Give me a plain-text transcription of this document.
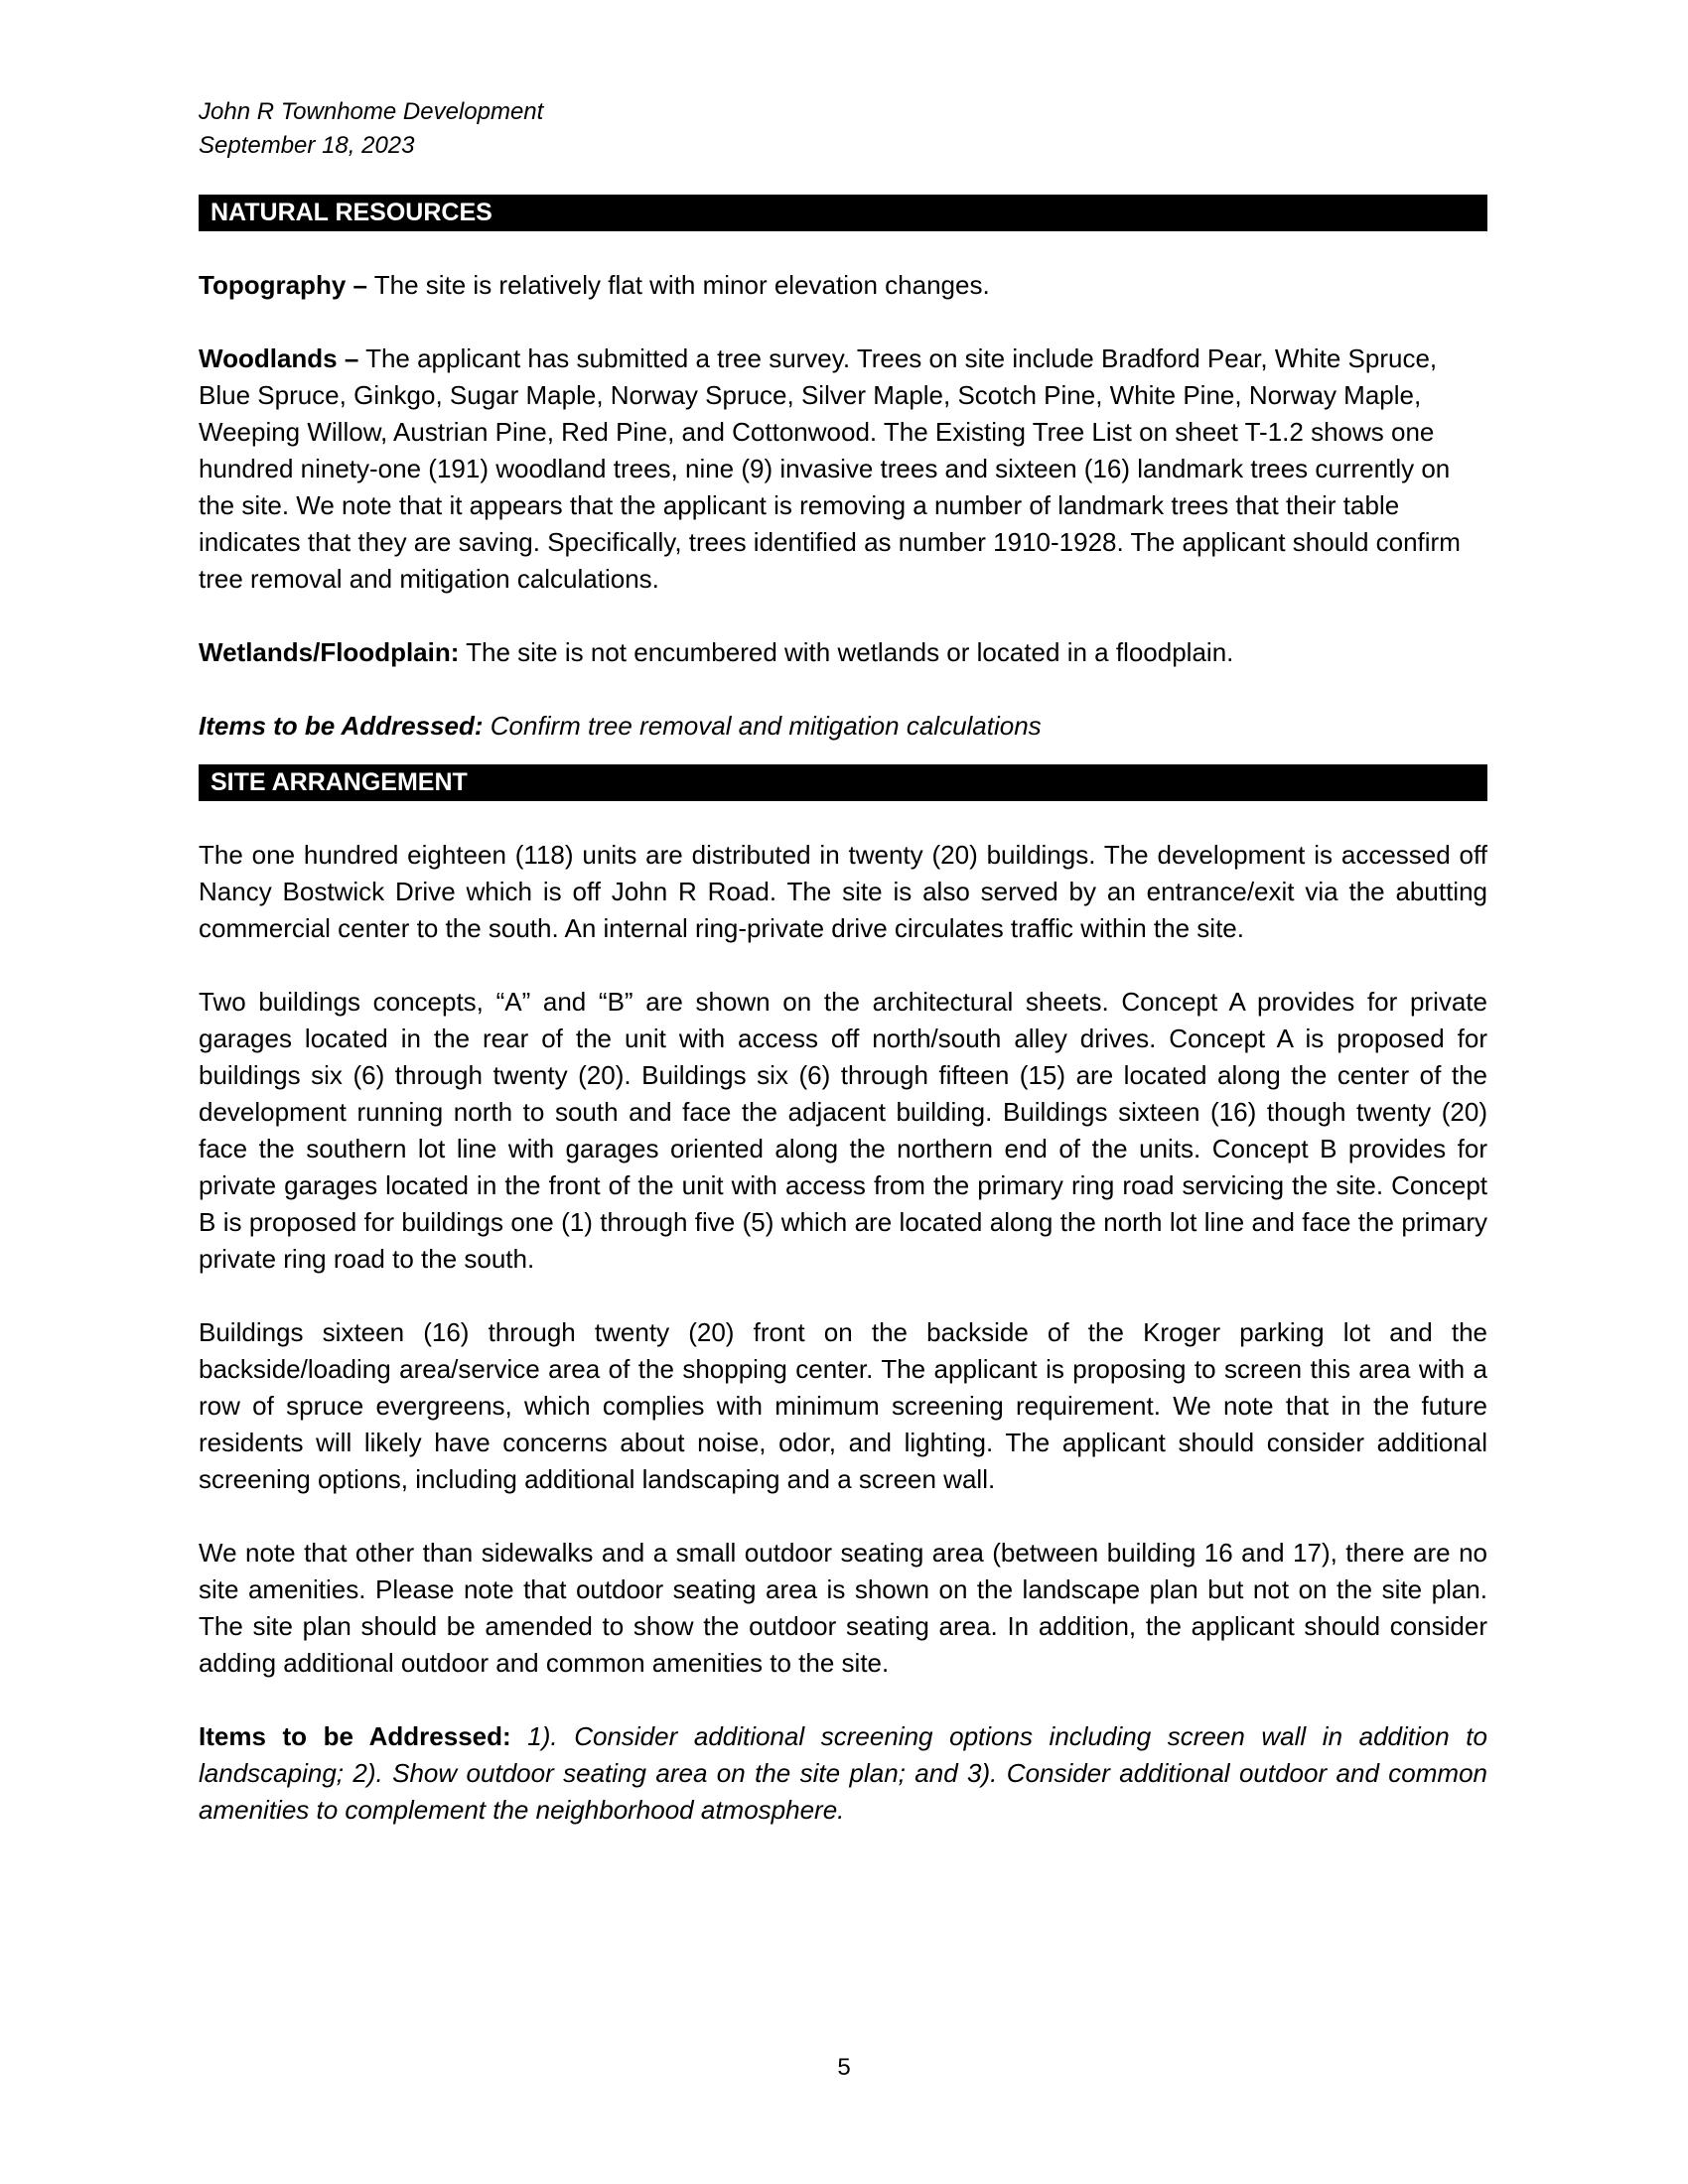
John R Townhome Development
September 18, 2023
NATURAL RESOURCES

Topography – The site is relatively flat with minor elevation changes.

Woodlands – The applicant has submitted a tree survey. Trees on site include Bradford Pear, White Spruce, Blue Spruce, Ginkgo, Sugar Maple, Norway Spruce, Silver Maple, Scotch Pine, White Pine, Norway Maple, Weeping Willow, Austrian Pine, Red Pine, and Cottonwood. The Existing Tree List on sheet T-1.2 shows one hundred ninety-one (191) woodland trees, nine (9) invasive trees and sixteen (16) landmark trees currently on the site. We note that it appears that the applicant is removing a number of landmark trees that their table indicates that they are saving. Specifically, trees identified as number 1910-1928. The applicant should confirm tree removal and mitigation calculations.

Wetlands/Floodplain: The site is not encumbered with wetlands or located in a floodplain.

Items to be Addressed: Confirm tree removal and mitigation calculations

SITE ARRANGEMENT

The one hundred eighteen (118) units are distributed in twenty (20) buildings. The development is accessed off Nancy Bostwick Drive which is off John R Road. The site is also served by an entrance/exit via the abutting commercial center to the south. An internal ring-private drive circulates traffic within the site.

Two buildings concepts, “A” and “B” are shown on the architectural sheets. Concept A provides for private garages located in the rear of the unit with access off north/south alley drives. Concept A is proposed for buildings six (6) through twenty (20). Buildings six (6) through fifteen (15) are located along the center of the development running north to south and face the adjacent building. Buildings sixteen (16) though twenty (20) face the southern lot line with garages oriented along the northern end of the units. Concept B provides for private garages located in the front of the unit with access from the primary ring road servicing the site. Concept B is proposed for buildings one (1) through five (5) which are located along the north lot line and face the primary private ring road to the south.

Buildings sixteen (16) through twenty (20) front on the backside of the Kroger parking lot and the backside/loading area/service area of the shopping center. The applicant is proposing to screen this area with a row of spruce evergreens, which complies with minimum screening requirement. We note that in the future residents will likely have concerns about noise, odor, and lighting. The applicant should consider additional screening options, including additional landscaping and a screen wall.

We note that other than sidewalks and a small outdoor seating area (between building 16 and 17), there are no site amenities. Please note that outdoor seating area is shown on the landscape plan but not on the site plan. The site plan should be amended to show the outdoor seating area. In addition, the applicant should consider adding additional outdoor and common amenities to the site.

Items to be Addressed: 1). Consider additional screening options including screen wall in addition to landscaping; 2). Show outdoor seating area on the site plan; and 3). Consider additional outdoor and common amenities to complement the neighborhood atmosphere.

5
